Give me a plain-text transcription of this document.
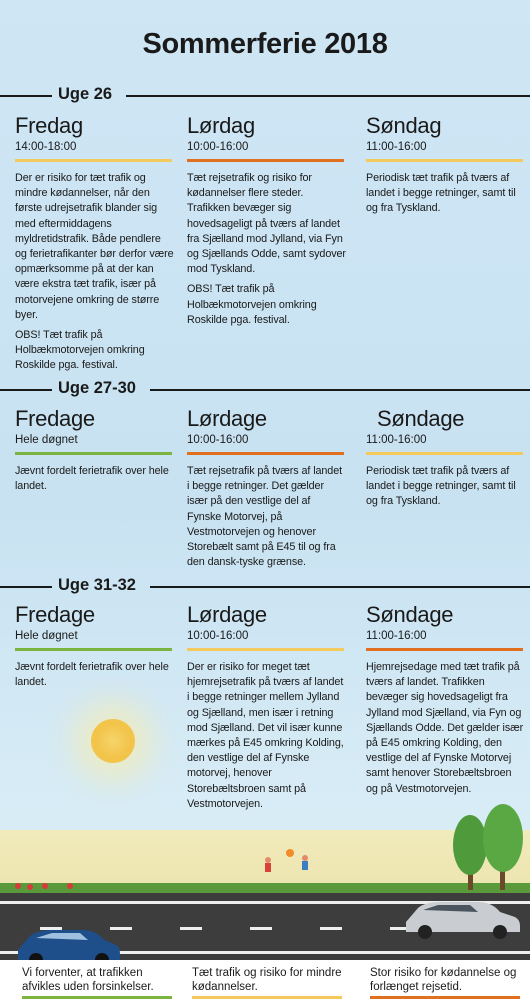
Sommerferie 2018
Uge 26
Fredag
14:00-18:00

Der er risiko for tæt trafik og mindre kødannelser, når den første udrejsetrafik blander sig med eftermiddagens myldretidstrafik. Både pendlere og ferietrafikanter bør derfor være opmærksomme på at der kan være ekstra tæt trafik, især på motorvejene omkring de større byer.

OBS! Tæt trafik på Holbækmotorvejen omkring Roskilde pga. festival.

Lørdag
10:00-16:00

Tæt rejsetrafik og risiko for kødannelser flere steder. Trafikken bevæger sig hovedsageligt på tværs af landet fra Sjælland mod Jylland, via Fyn og Sjællands Odde, samt sydover mod Tyskland.

OBS! Tæt trafik på Holbækmotorvejen omkring Roskilde pga. festival.

Søndag
11:00-16:00

Periodisk tæt trafik på tværs af landet i begge retninger, samt til og fra Tyskland.

Uge 27-30
Fredage
Hele døgnet

Jævnt fordelt ferietrafik over hele landet.

Lørdage
10:00-16:00

Tæt rejsetrafik på tværs af landet i begge retninger. Det gælder især på den vestlige del af Fynske Motorvej, på Vestmotorvejen og henover Storebælt samt på E45 til og fra den dansk-tyske grænse.

Søndage
11:00-16:00

Periodisk tæt trafik på tværs af landet i begge retninger, samt til og fra Tyskland.

Uge 31-32
Fredage
Hele døgnet

Jævnt fordelt ferietrafik over hele landet.

Lørdage
10:00-16:00

Der er risiko for meget tæt hjemrejsetrafik på tværs af landet i begge retninger mellem Jylland og Sjælland, men især i retning mod Sjælland. Det vil især kunne mærkes på E45 omkring Kolding, den vestlige del af Fynske motorvej, henover Storebæltsbroen samt på Vestmotorvejen.

Søndage
11:00-16:00

Hjemrejsedage med tæt trafik på tværs af landet. Trafikken bevæger sig hovedsageligt fra Jylland mod Sjælland, via Fyn og Sjællands Odde. Det gælder især på E45 omkring Kolding, den vestlige del af Fynske Motorvej samt henover Storebæltsbroen og på Vestmotorvejen.

Vi forventer, at trafikken afvikles uden forsinkelser.
Tæt trafik og risiko for mindre kødannelser.
Stor risiko for kødannelse og forlænget rejsetid.
